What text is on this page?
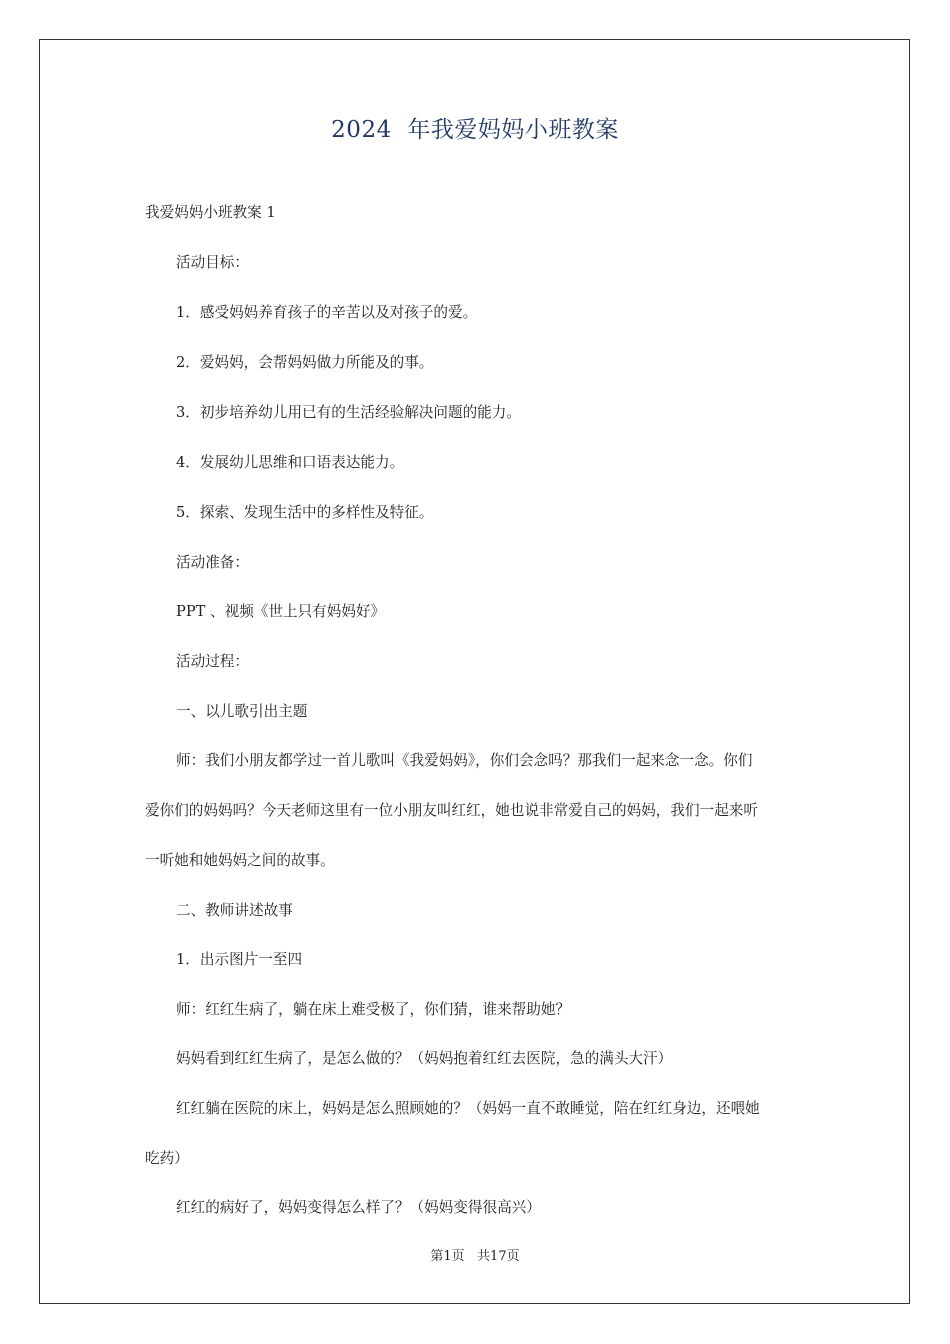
2024  年我爱妈妈小班教案
我爱妈妈小班教案 1
活动目标：
1．感受妈妈养育孩子的辛苦以及对孩子的爱。
2．爱妈妈，会帮妈妈做力所能及的事。
3．初步培养幼儿用已有的生活经验解决问题的能力。
4．发展幼儿思维和口语表达能力。
5．探索、发现生活中的多样性及特征。
活动准备：
PPT 、视频《世上只有妈妈好》
活动过程：
一、以儿歌引出主题
师：我们小朋友都学过一首儿歌叫《我爱妈妈》，你们会念吗？那我们一起来念一念。你们
爱你们的妈妈吗？今天老师这里有一位小朋友叫红红，她也说非常爱自己的妈妈，我们一起来听
一听她和她妈妈之间的故事。
二、教师讲述故事
1．出示图片一至四
师：红红生病了，躺在床上难受极了，你们猜，谁来帮助她？
妈妈看到红红生病了，是怎么做的？（妈妈抱着红红去医院，急的满头大汗）
红红躺在医院的床上，妈妈是怎么照顾她的？（妈妈一直不敢睡觉，陪在红红身边，还喂她
吃药）
红红的病好了，妈妈变得怎么样了？（妈妈变得很高兴）
第1页   共17页
